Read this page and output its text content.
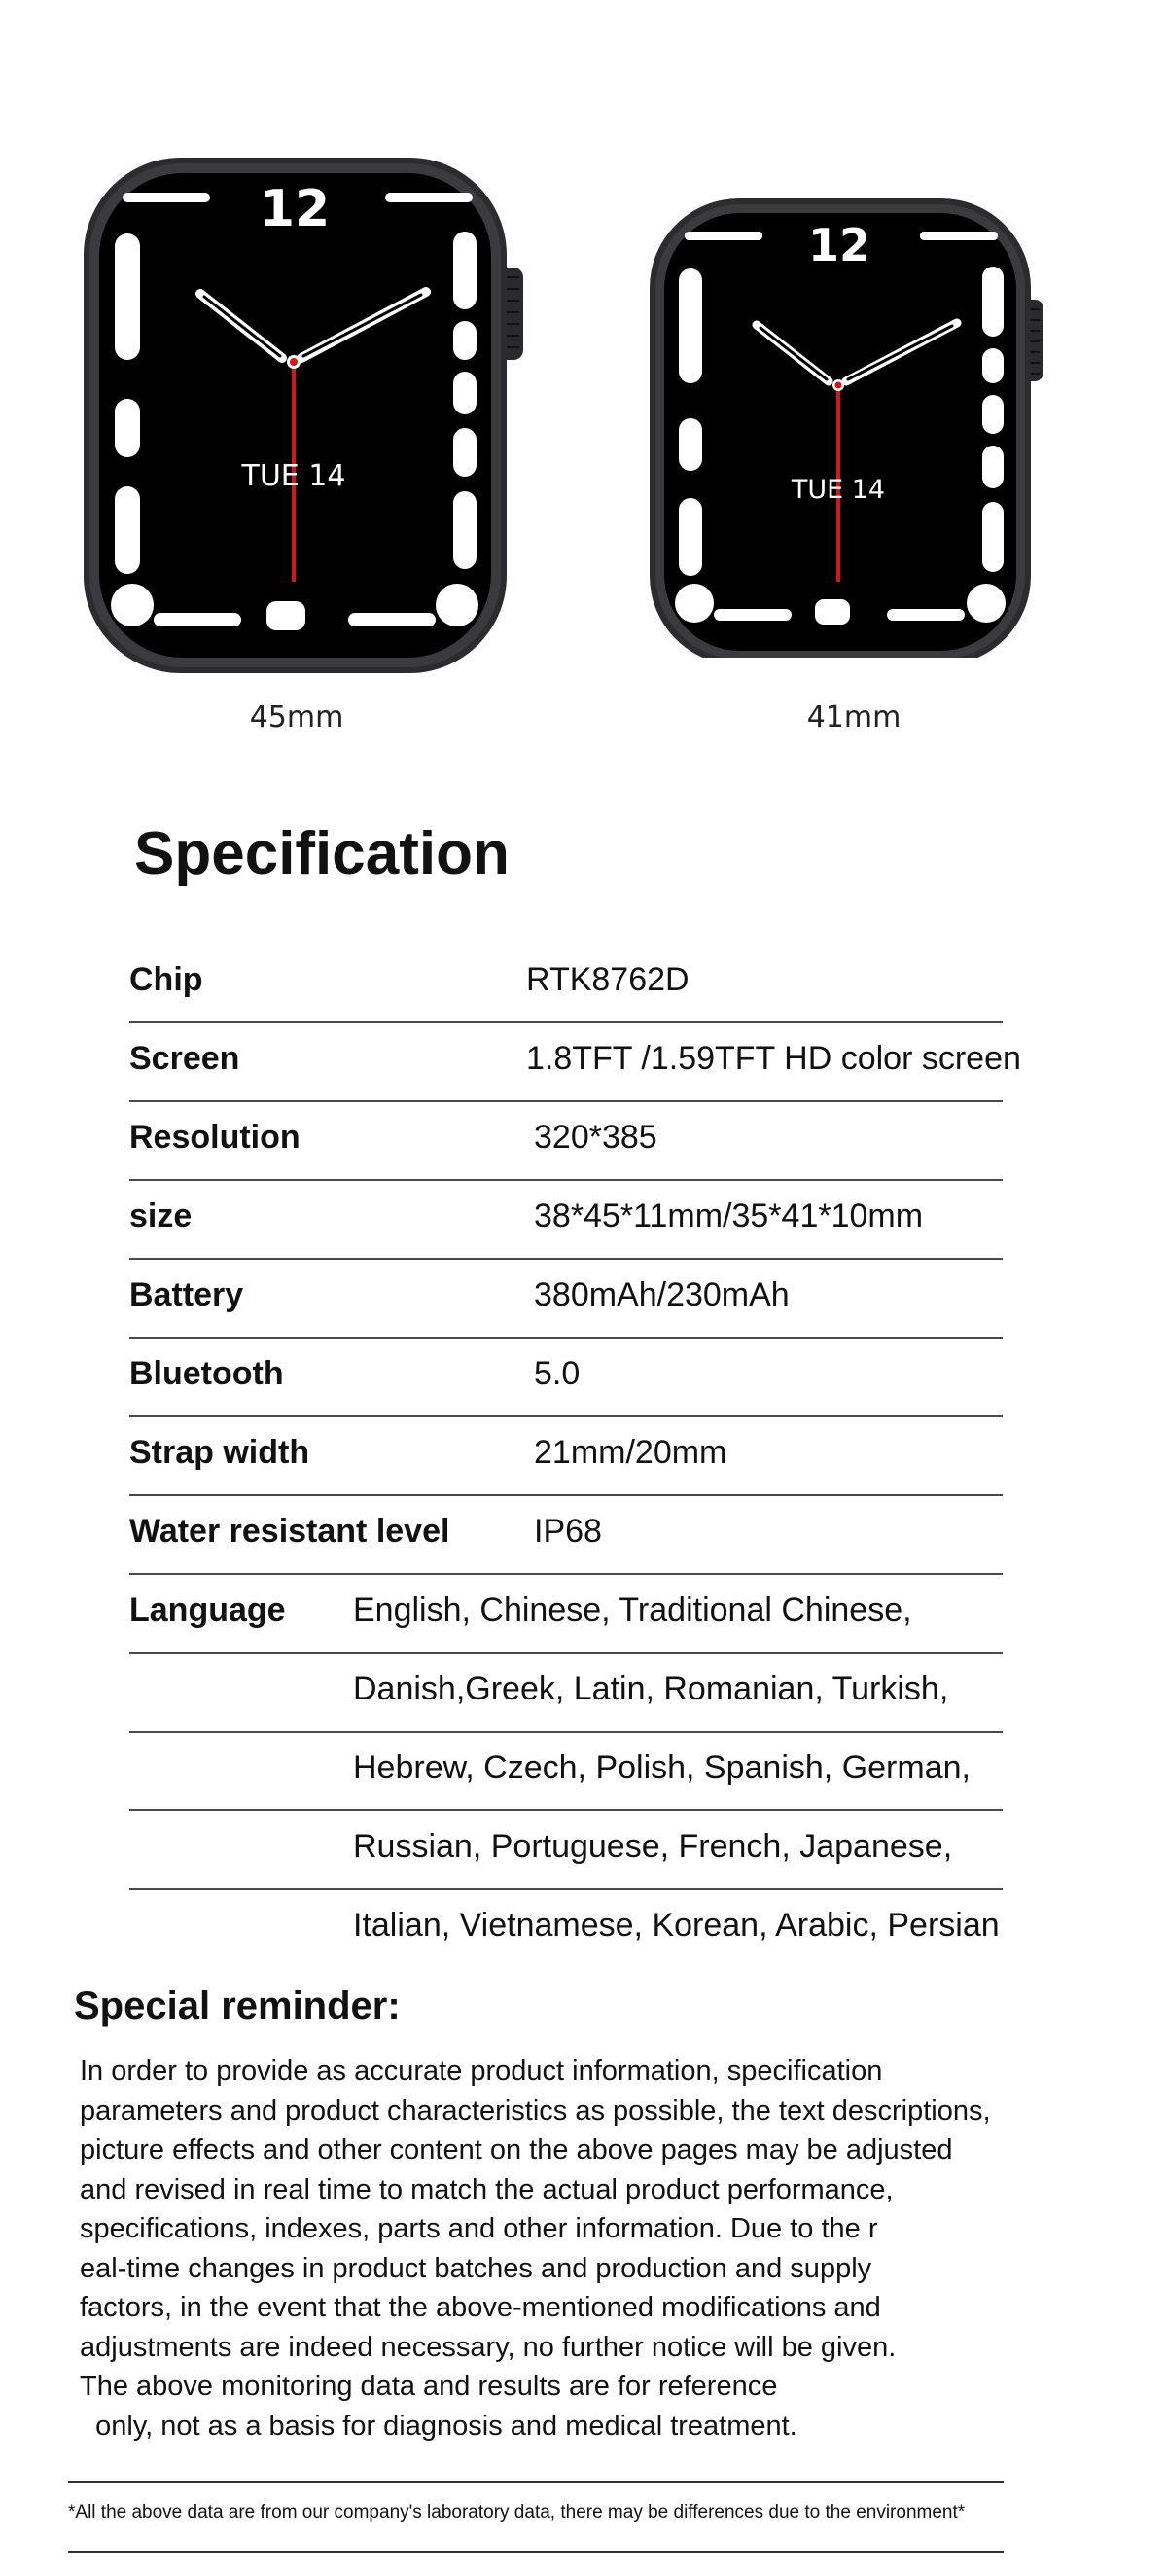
12
TUE 14
45mm
12
TUE 14
41mm
Specification
Chip	RTK8762D
Screen	1.8TFT /1.59TFT HD color screen
Resolution	320*385
size	38*45*11mm/35*41*10mm
Battery	380mAh/230mAh
Bluetooth	5.0
Strap width	21mm/20mm
Water resistant level	IP68
Language English, Chinese, Traditional Chinese,
Danish,Greek, Latin, Romanian, Turkish,
Hebrew, Czech, Polish, Spanish, German,
Russian, Portuguese, French, Japanese,
Italian, Vietnamese, Korean, Arabic, Persian
Special reminder:
In order to provide as accurate product information, specification
parameters and product characteristics as possible, the text descriptions,
picture effects and other content on the above pages may be adjusted
and revised in real time to match the actual product performance,
specifications, indexes, parts and other information. Due to the r
eal-time changes in product batches and production and supply
factors, in the event that the above-mentioned modifications and
adjustments are indeed necessary, no further notice will be given.
The above monitoring data and results are for reference
only, not as a basis for diagnosis and medical treatment.
*All the above data are from our company's laboratory data, there may be differences due to the environment*
